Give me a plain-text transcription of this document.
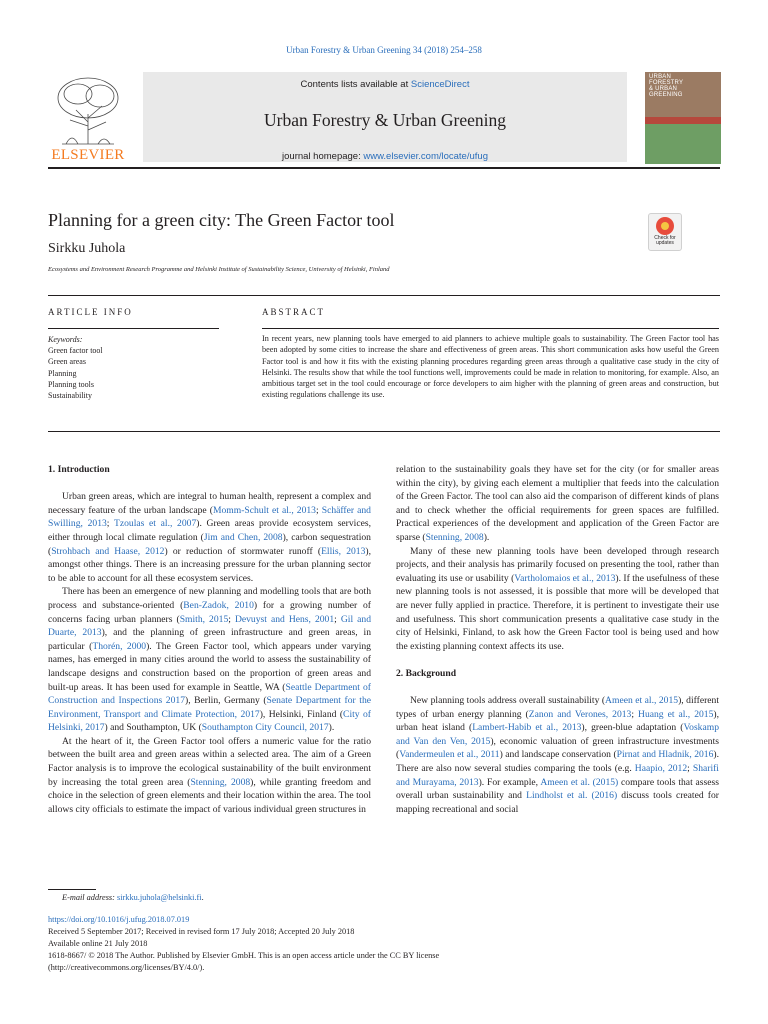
Urban Forestry & Urban Greening 34 (2018) 254–258
ELSEVIER
Contents lists available at ScienceDirect
Urban Forestry & Urban Greening
journal homepage: www.elsevier.com/locate/ufug
URBAN
FORESTRY
& URBAN
GREENING
Planning for a green city: The Green Factor tool
Sirkku Juhola
Ecosystems and Environment Research Programme and Helsinki Institute of Sustainability Science, University of Helsinki, Finland
Check for updates
ARTICLE INFO	ABSTRACT
Keywords:
Green factor tool
Green areas
Planning
Planning tools
Sustainability
In recent years, new planning tools have emerged to aid planners to achieve multiple goals to sustainability. The Green Factor tool has been adopted by some cities to increase the share and effectiveness of green areas. This short communication asks how useful the Green Factor tool is and how it fits with the existing planning procedures regarding green areas through a qualitative case study in the city of Helsinki. The results show that while the tool functions well, improvements could be made in relation to monitoring, for example. Also, an ambitious target set in the tool could encourage or force developers to aim higher with the planning of green areas and construction, but existing regulations challenge its use.
1. Introduction

Urban green areas, which are integral to human health, represent a complex and necessary feature of the urban landscape (Momm-Schult et al., 2013; Schäffer and Swilling, 2013; Tzoulas et al., 2007). Green areas provide ecosystem services, either through local climate regulation (Jim and Chen, 2008), carbon sequestration (Strohbach and Haase, 2012) or reduction of stormwater runoff (Ellis, 2013), amongst other things. There is an increasing pressure for the urban planning sector to be able to account for all these ecosystem services.

There has been an emergence of new planning and modelling tools that are both process and substance-oriented (Ben-Zadok, 2010) for a growing number of concerns facing urban planners (Smith, 2015; Devuyst and Hens, 2001; Gil and Duarte, 2013), and the planning of green infrastructure and green areas, in particular (Thorén, 2000). The Green Factor tool, which appears under varying names, has emerged in many cities around the world to assess the sustainability of landscape designs and construction based on the proportion of green areas and built-up areas. It has been used for example in Seattle, WA (Seattle Department of Construction and Inspections 2017), Berlin, Germany (Senate Department for the Environment, Transport and Climate Protection, 2017), Helsinki, Finland (City of Helsinki, 2017) and Southampton, UK (Southampton City Council, 2017).

At the heart of it, the Green Factor tool offers a numeric value for the ratio between the built area and green areas within a selected area. The aim of a Green Factor analysis is to improve the ecological sustainability of the built environment by increasing the total green area (Stenning, 2008), while granting freedom and choice in the selection of green elements and their location within the area. The tool allows city officials to estimate the impact of various individual green structures in

relation to the sustainability goals they have set for the city (or for smaller areas within the city), by giving each element a multiplier that feeds into the calculation of the Green Factor. The tool can also aid the comparison of different kinds of plans and to check whether the official requirements for green spaces are fulfilled. Practical experiences of the development and application of the Green Factor are sparse (Stenning, 2008).

Many of these new planning tools have been developed through research projects, and their analysis has primarily focused on presenting the tool, rather than evaluating its use or usability (Vartholomaios et al., 2013). If the usefulness of these new planning tools is not assessed, it is possible that more will be developed that are never fully applied in practice. Therefore, it is pertinent to investigate their use and usefulness. This short communication presents a qualitative case study in the city of Helsinki, Finland, to ask how the Green Factor tool is being used and how the existing planning context affects its use.

2. Background

New planning tools address overall sustainability (Ameen et al., 2015), different types of urban energy planning (Zanon and Verones, 2013; Huang et al., 2015), urban heat island (Lambert-Habib et al., 2013), green-blue adaptation (Voskamp and Van den Ven, 2015), economic valuation of green infrastructure investments (Vandermeulen et al., 2011) and landscape conservation (Pirnat and Hladnik, 2016). There are also now several studies comparing the tools (e.g. Haapio, 2012; Sharifi and Murayama, 2013). For example, Ameen et al. (2015) compare tools that assess overall urban sustainability and Lindholst et al. (2016) discuss tools created for mapping recreational and social

E-mail address: sirkku.juhola@helsinki.fi.
https://doi.org/10.1016/j.ufug.2018.07.019
Received 5 September 2017; Received in revised form 17 July 2018; Accepted 20 July 2018
Available online 21 July 2018
1618-8667/ © 2018 The Author. Published by Elsevier GmbH. This is an open access article under the CC BY license
(http://creativecommons.org/licenses/BY/4.0/).
